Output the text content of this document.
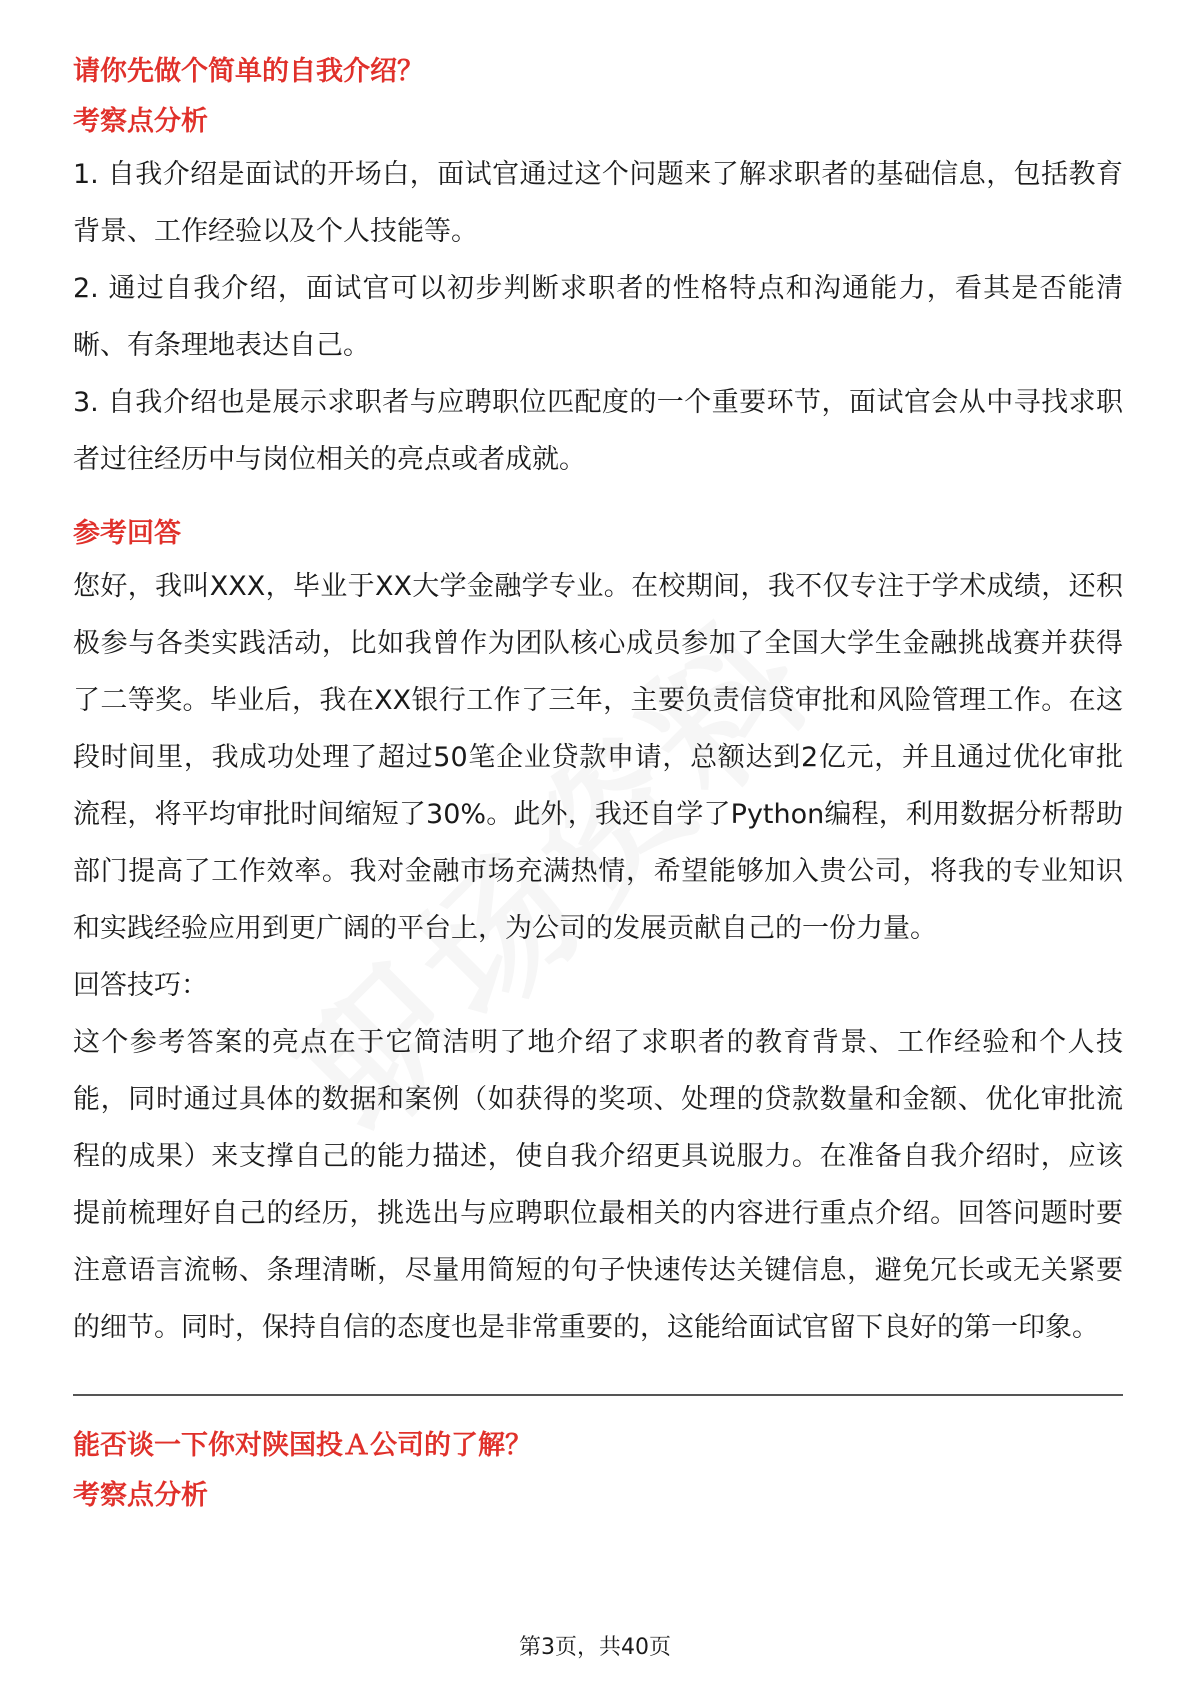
请你先做个简单的自我介绍？
考察点分析

1. 自我介绍是面试的开场白，面试官通过这个问题来了解求职者的基础信息，包括教育背景、工作经验以及个人技能等。

2. 通过自我介绍，面试官可以初步判断求职者的性格特点和沟通能力，看其是否能清晰、有条理地表达自己。

3. 自我介绍也是展示求职者与应聘职位匹配度的一个重要环节，面试官会从中寻找求职者过往经历中与岗位相关的亮点或者成就。

参考回答

您好，我叫XXX，毕业于XX大学金融学专业。在校期间，我不仅专注于学术成绩，还积极参与各类实践活动，比如我曾作为团队核心成员参加了全国大学生金融挑战赛并获得了二等奖。毕业后，我在XX银行工作了三年，主要负责信贷审批和风险管理工作。在这段时间里，我成功处理了超过50笔企业贷款申请，总额达到2亿元，并且通过优化审批流程，将平均审批时间缩短了30%。此外，我还自学了Python编程，利用数据分析帮助部门提高了工作效率。我对金融市场充满热情，希望能够加入贵公司，将我的专业知识和实践经验应用到更广阔的平台上，为公司的发展贡献自己的一份力量。

回答技巧：

这个参考答案的亮点在于它简洁明了地介绍了求职者的教育背景、工作经验和个人技能，同时通过具体的数据和案例（如获得的奖项、处理的贷款数量和金额、优化审批流程的成果）来支撑自己的能力描述，使自我介绍更具说服力。在准备自我介绍时，应该提前梳理好自己的经历，挑选出与应聘职位最相关的内容进行重点介绍。回答问题时要注意语言流畅、条理清晰，尽量用简短的句子快速传达关键信息，避免冗长或无关紧要的细节。同时，保持自信的态度也是非常重要的，这能给面试官留下良好的第一印象。

能否谈一下你对陕国投Ａ公司的了解？
考察点分析
第3页，共40页
